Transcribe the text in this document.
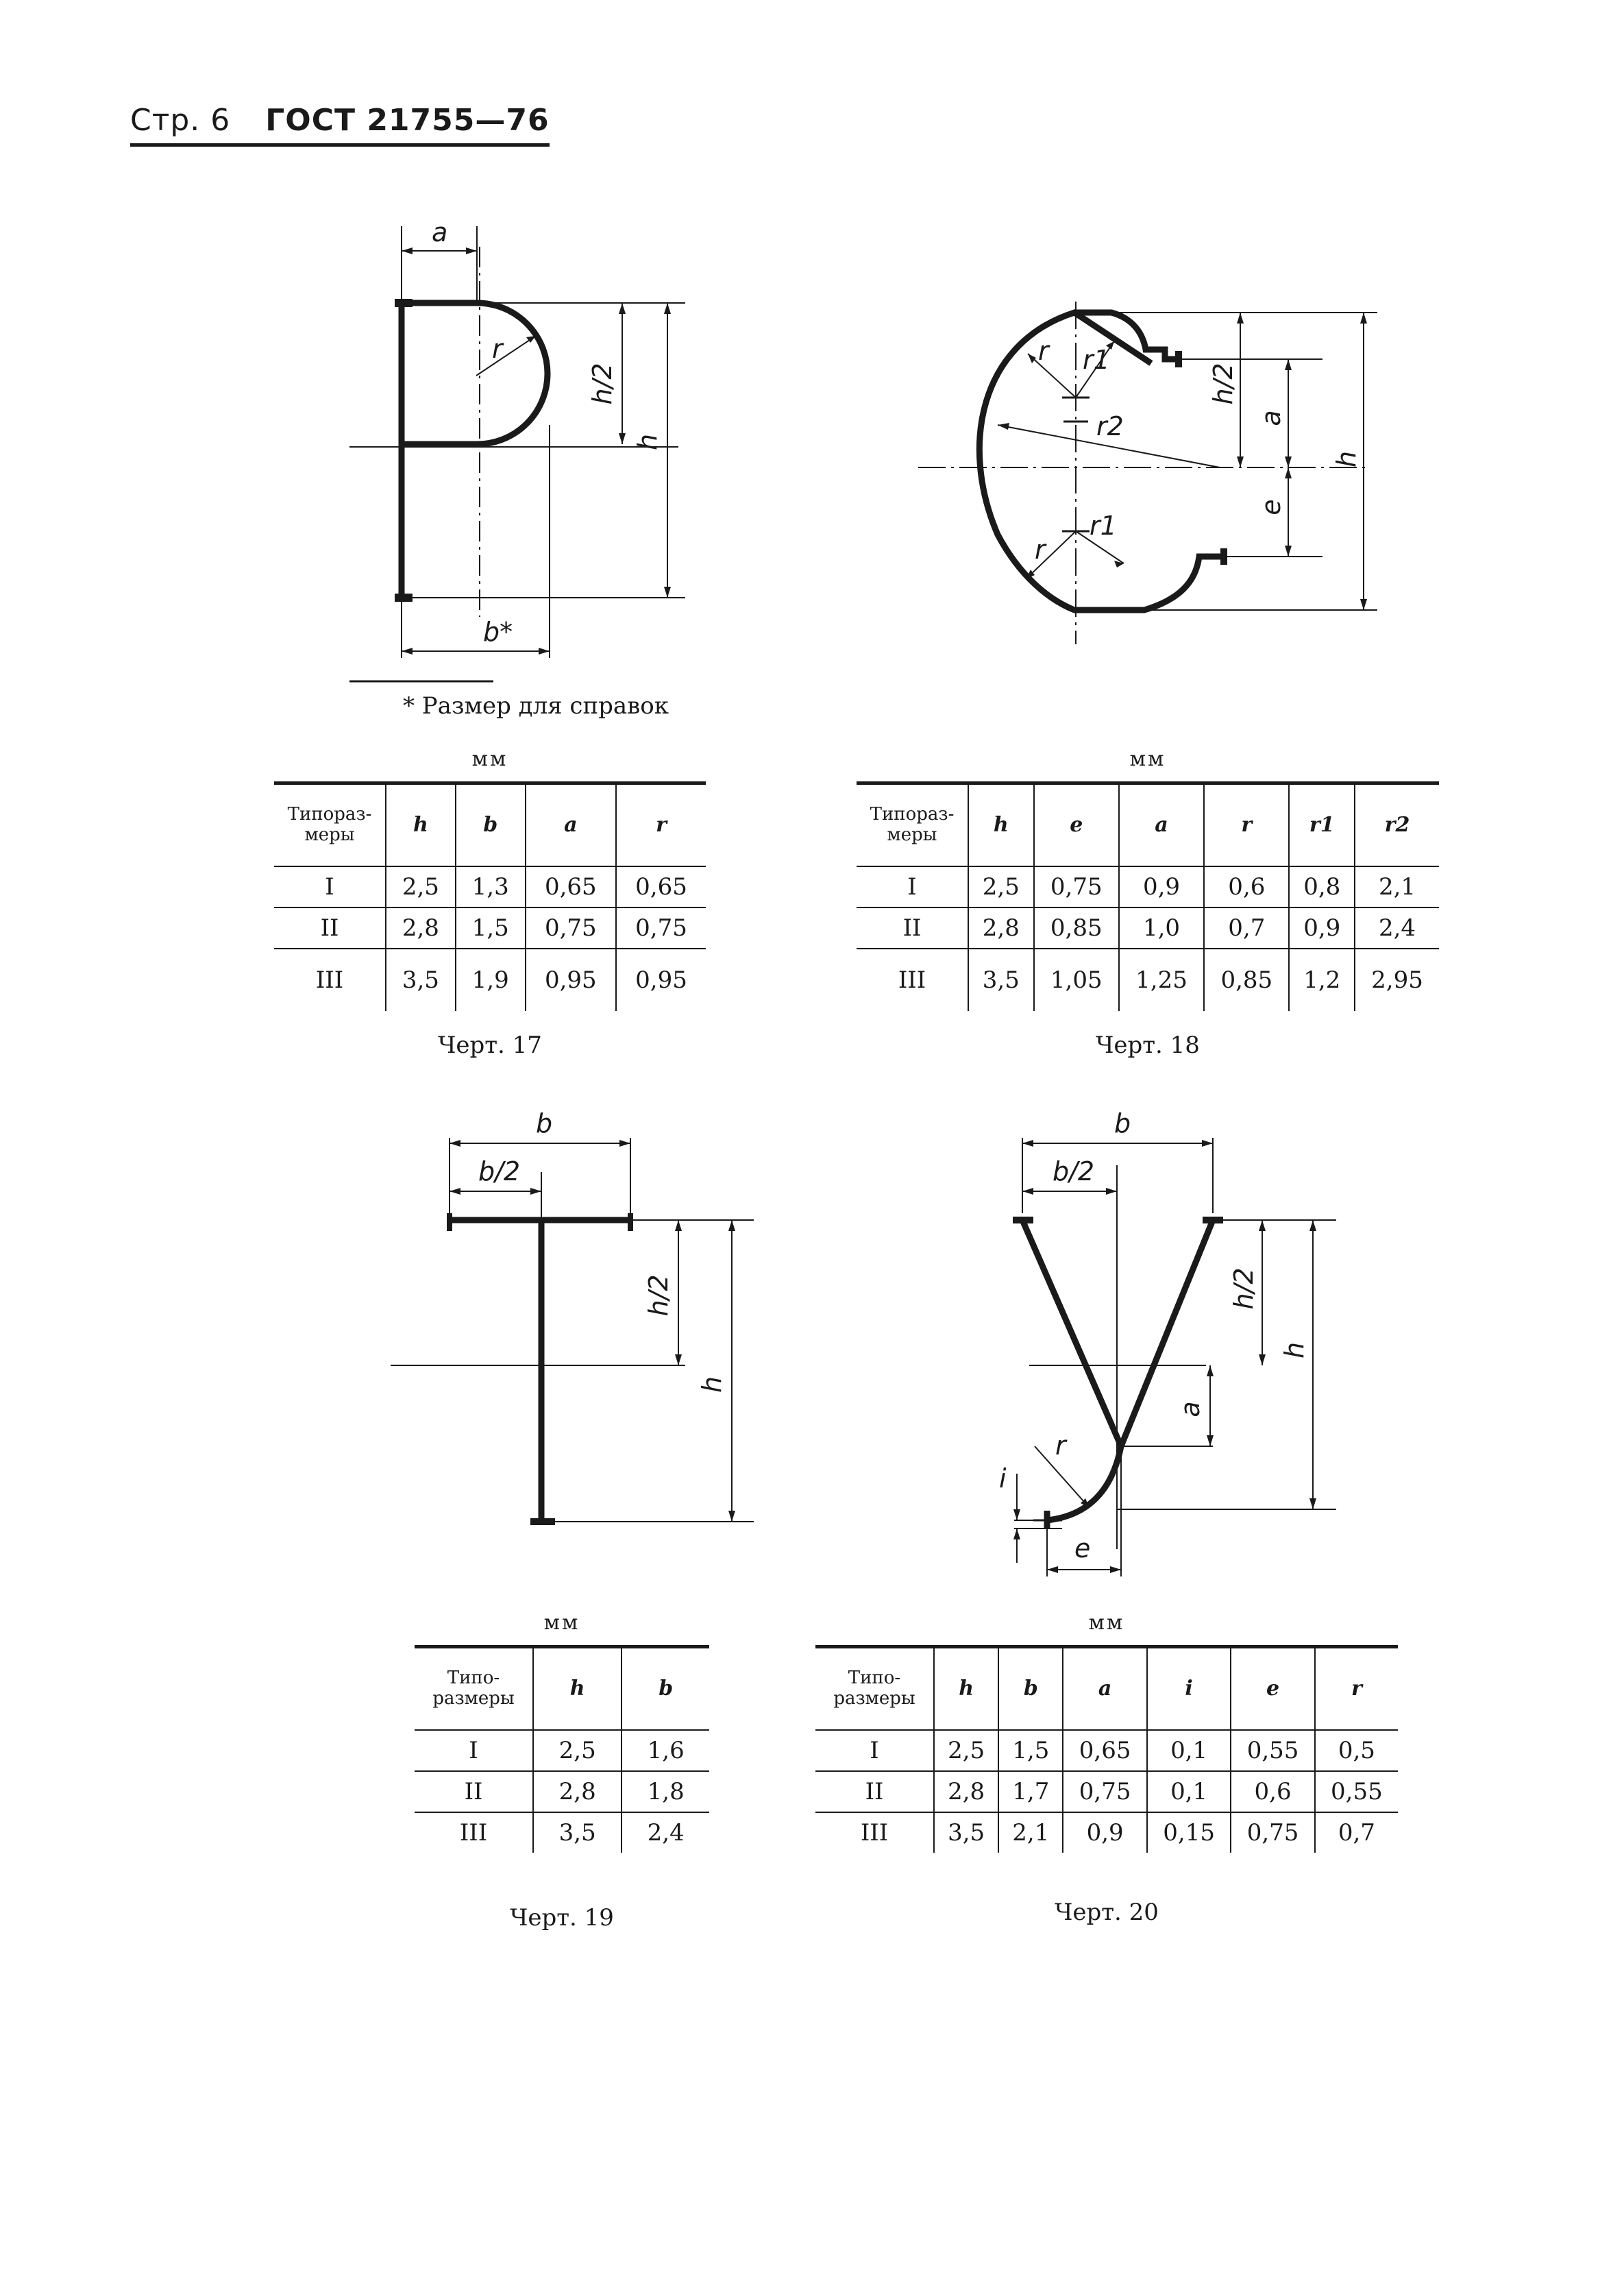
Стр. 6 ГОСТ 21755—76
a
r
h/2
h
b*
* Размер для справок
r r1
r2
h/2
a
h
e
r
r1
мм
Типораз-
меры	h	b	a	r
I	2,5	1,3	0,65	0,65
II	2,8	1,5	0,75	0,75
III	3,5	1,9	0,95	0,95
Черт. 17
мм
Типораз-
меры	h	e	a	r	r1	r2
I	2,5	0,75	0,9	0,6	0,8	2,1
II	2,8	0,85	1,0	0,7	0,9	2,4
III	3,5	1,05	1,25	0,85	1,2	2,95
Черт. 18
b
b/2
h/2
h
b
b/2
h/2
h
a
r
i
e
мм
Типо-
размеры	h	b
I	2,5	1,6
II	2,8	1,8
III	3,5	2,4
Черт. 19
мм
Типо-
размеры	h	b	a	i	e	r
I	2,5	1,5	0,65	0,1	0,55	0,5
II	2,8	1,7	0,75	0,1	0,6	0,55
III	3,5	2,1	0,9	0,15	0,75	0,7
Черт. 20
